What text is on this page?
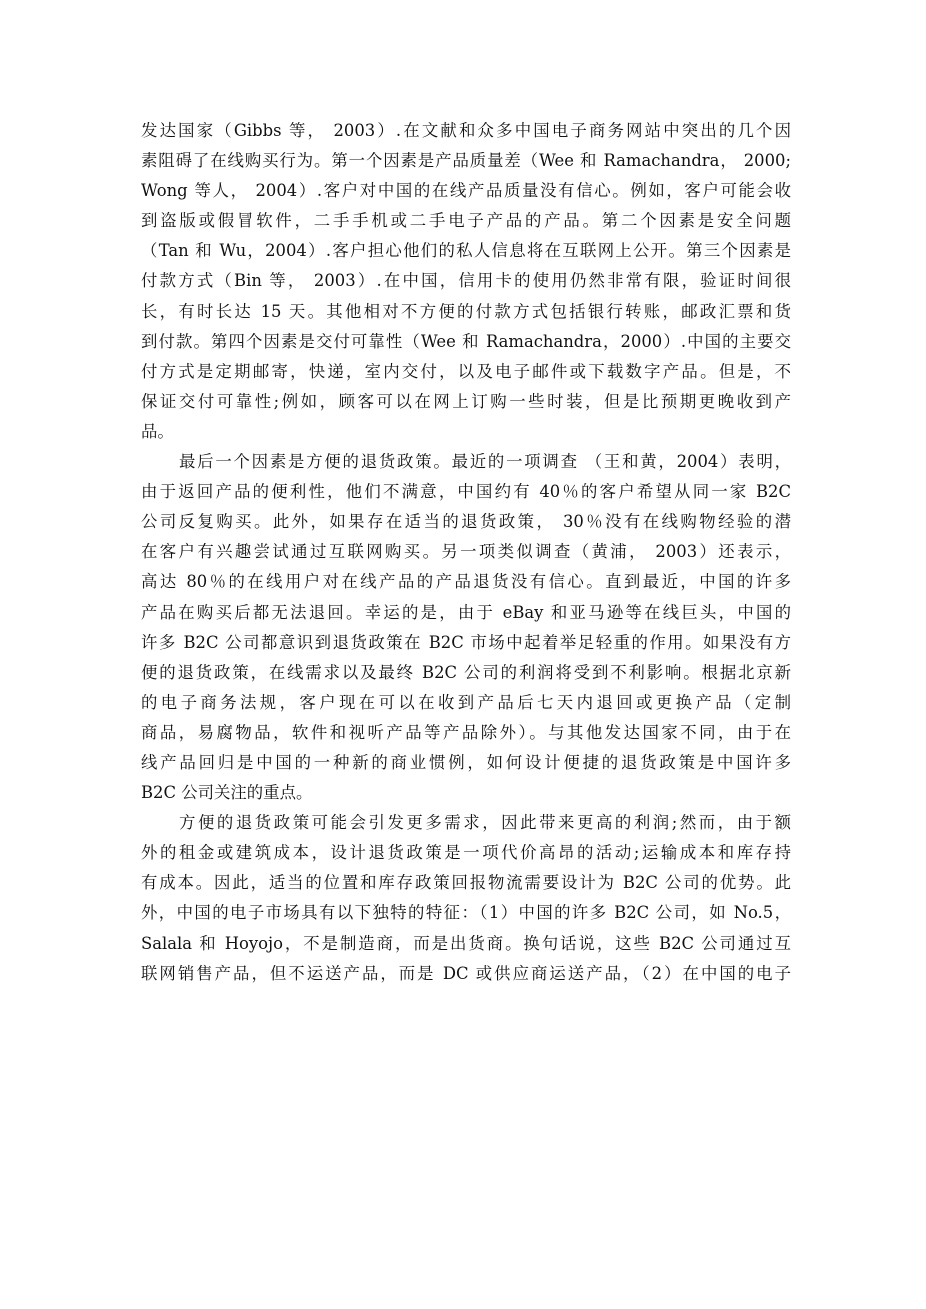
发达国家（Gibbs 等， 2003）.在文献和众多中国电子商务网站中突出的几个因
素阻碍了在线购买行为。第一个因素是产品质量差（Wee 和 Ramachandra， 2000;
Wong 等人， 2004）.客户对中国的在线产品质量没有信心。例如，客户可能会收
到盗版或假冒软件，二手手机或二手电子产品的产品。第二个因素是安全问题
（Tan 和 Wu，2004）.客户担心他们的私人信息将在互联网上公开。第三个因素是
付款方式（Bin 等， 2003）.在中国，信用卡的使用仍然非常有限，验证时间很
长，有时长达 15 天。其他相对不方便的付款方式包括银行转账，邮政汇票和货
到付款。第四个因素是交付可靠性（Wee 和 Ramachandra，2000）.中国的主要交
付方式是定期邮寄，快递，室内交付，以及电子邮件或下载数字产品。但是，不
保证交付可靠性;例如，顾客可以在网上订购一些时装，但是比预期更晚收到产
品。
最后一个因素是方便的退货政策。最近的一项调查 （王和黄，2004）表明，
由于返回产品的便利性，他们不满意，中国约有 40％的客户希望从同一家 B2C
公司反复购买。此外，如果存在适当的退货政策， 30％没有在线购物经验的潜
在客户有兴趣尝试通过互联网购买。另一项类似调查（黄浦， 2003）还表示，
高达 80％的在线用户对在线产品的产品退货没有信心。直到最近，中国的许多
产品在购买后都无法退回。幸运的是，由于 eBay 和亚马逊等在线巨头，中国的
许多 B2C 公司都意识到退货政策在 B2C 市场中起着举足轻重的作用。如果没有方
便的退货政策，在线需求以及最终 B2C 公司的利润将受到不利影响。根据北京新
的电子商务法规，客户现在可以在收到产品后七天内退回或更换产品（定制
商品，易腐物品，软件和视听产品等产品除外）。与其他发达国家不同，由于在
线产品回归是中国的一种新的商业惯例，如何设计便捷的退货政策是中国许多
B2C 公司关注的重点。
方便的退货政策可能会引发更多需求，因此带来更高的利润;然而，由于额
外的租金或建筑成本，设计退货政策是一项代价高昂的活动;运输成本和库存持
有成本。因此，适当的位置和库存政策回报物流需要设计为 B2C 公司的优势。此
外，中国的电子市场具有以下独特的特征：（1）中国的许多 B2C 公司，如 No.5，
Salala 和 Hoyojo，不是制造商，而是出货商。换句话说，这些 B2C 公司通过互
联网销售产品，但不运送产品，而是 DC 或供应商运送产品，（2）在中国的电子
